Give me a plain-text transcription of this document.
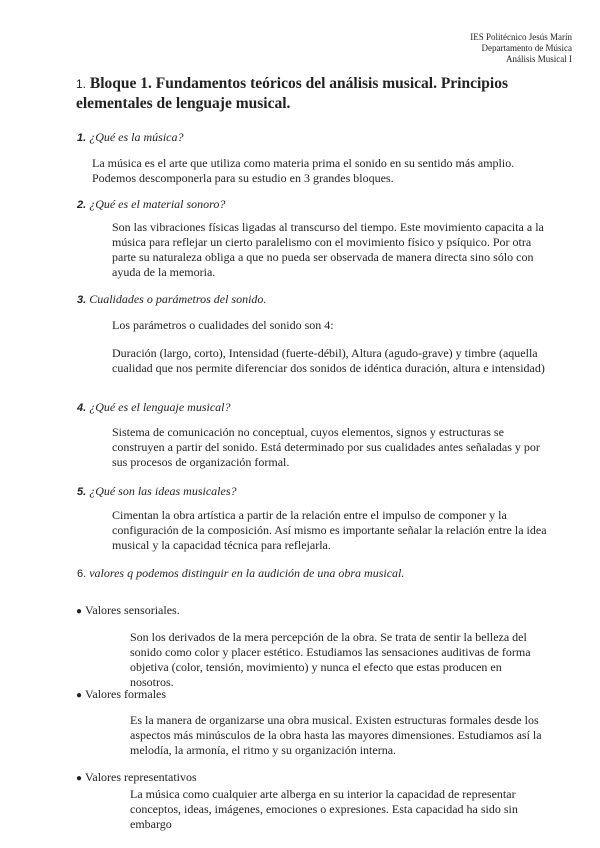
IES Politécnico Jesús Marín
Departamento de Música
Análisis Musical I
1. Bloque 1. Fundamentos teóricos del análisis musical. Principios elementales de lenguaje musical.
1. ¿Qué es la música?
La música es el arte que utiliza como materia prima el sonido en su sentido más amplio. Podemos descomponerla para su estudio en 3 grandes bloques.
2. ¿Qué es el material sonoro?
Son las vibraciones físicas ligadas al transcurso del tiempo. Este movimiento capacita a la música para reflejar un cierto paralelismo con el movimiento físico y psíquico. Por otra parte su naturaleza obliga a que no pueda ser observada de manera directa sino sólo con ayuda de la memoria.
3. Cualidades o parámetros del sonido.
Los parámetros o cualidades del sonido son 4:
Duración (largo, corto), Intensidad (fuerte-débil), Altura (agudo-grave) y timbre (aquella cualidad que nos permite diferenciar dos sonidos de idéntica duración, altura e intensidad)
4. ¿Qué es el lenguaje musical?
Sistema de comunicación no conceptual, cuyos elementos, signos y estructuras se construyen a partir del sonido. Está determinado por sus cualidades antes señaladas y por sus procesos de organización formal.
5. ¿Qué son las ideas musicales?
Cimentan la obra artística a partir de la relación entre el impulso de componer y la configuración de la composición. Así mismo es importante señalar la relación entre la idea musical y la capacidad técnica para reflejarla.
6. valores q podemos distinguir en la audición de una obra musical.
● Valores sensoriales.
Son los derivados de la mera percepción de la obra. Se trata de sentir la belleza del sonido como color y placer estético. Estudiamos las sensaciones auditivas de forma objetiva (color, tensión, movimiento) y nunca el efecto que estas producen en nosotros.
● Valores formales
Es la manera de organizarse una obra musical. Existen estructuras formales desde los aspectos más minúsculos de la obra hasta las mayores dimensiones. Estudiamos así la melodía, la armonía, el ritmo y su organización interna.
● Valores representativos
La música como cualquier arte alberga en su interior la capacidad de representar conceptos, ideas, imágenes, emociones o expresiones. Esta capacidad ha sido sin embargo
